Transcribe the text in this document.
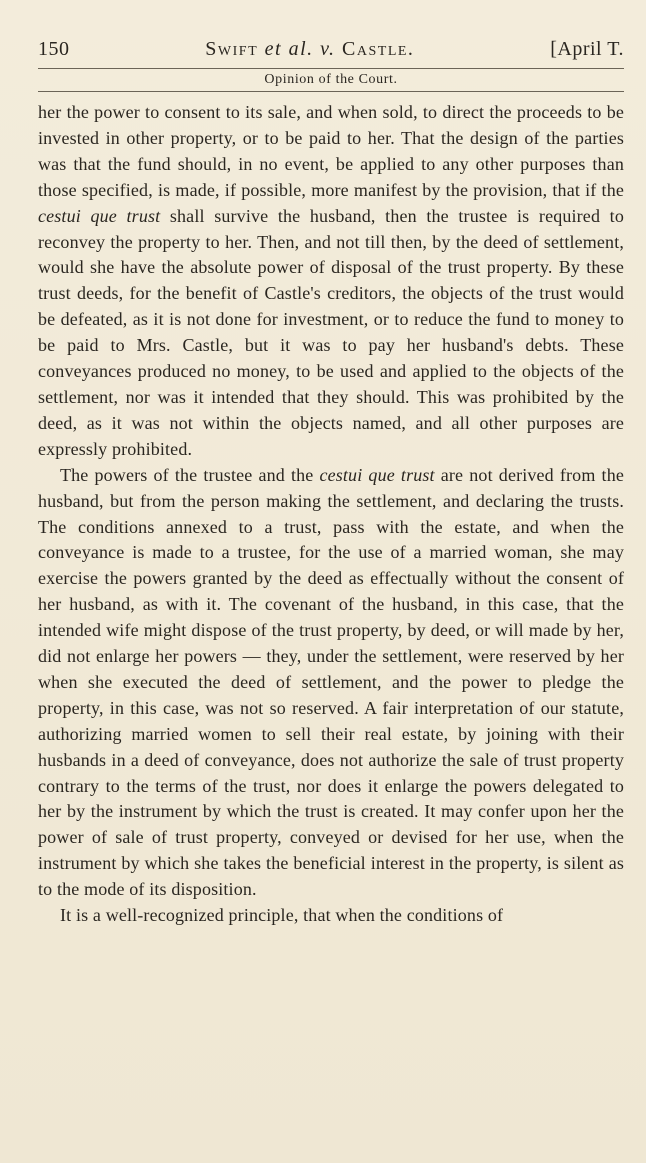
150	Swift et al. v. Castle.	[April T.
Opinion of the Court.

her the power to consent to its sale, and when sold, to direct the proceeds to be invested in other property, or to be paid to her. That the design of the parties was that the fund should, in no event, be applied to any other purposes than those specified, is made, if possible, more manifest by the provision, that if the cestui que trust shall survive the husband, then the trustee is required to reconvey the property to her. Then, and not till then, by the deed of settlement, would she have the absolute power of disposal of the trust property. By these trust deeds, for the benefit of Castle's creditors, the objects of the trust would be defeated, as it is not done for investment, or to reduce the fund to money to be paid to Mrs. Castle, but it was to pay her husband's debts. These conveyances produced no money, to be used and applied to the objects of the settlement, nor was it intended that they should. This was prohibited by the deed, as it was not within the objects named, and all other purposes are expressly prohibited.

The powers of the trustee and the cestui que trust are not derived from the husband, but from the person making the settlement, and declaring the trusts. The conditions annexed to a trust, pass with the estate, and when the conveyance is made to a trustee, for the use of a married woman, she may exercise the powers granted by the deed as effectually without the consent of her husband, as with it. The covenant of the husband, in this case, that the intended wife might dispose of the trust property, by deed, or will made by her, did not enlarge her powers — they, under the settlement, were reserved by her when she executed the deed of settlement, and the power to pledge the property, in this case, was not so reserved. A fair interpretation of our statute, authorizing married women to sell their real estate, by joining with their husbands in a deed of conveyance, does not authorize the sale of trust property contrary to the terms of the trust, nor does it enlarge the powers delegated to her by the instrument by which the trust is created. It may confer upon her the power of sale of trust property, conveyed or devised for her use, when the instrument by which she takes the beneficial interest in the property, is silent as to the mode of its disposition.

It is a well-recognized principle, that when the conditions of
